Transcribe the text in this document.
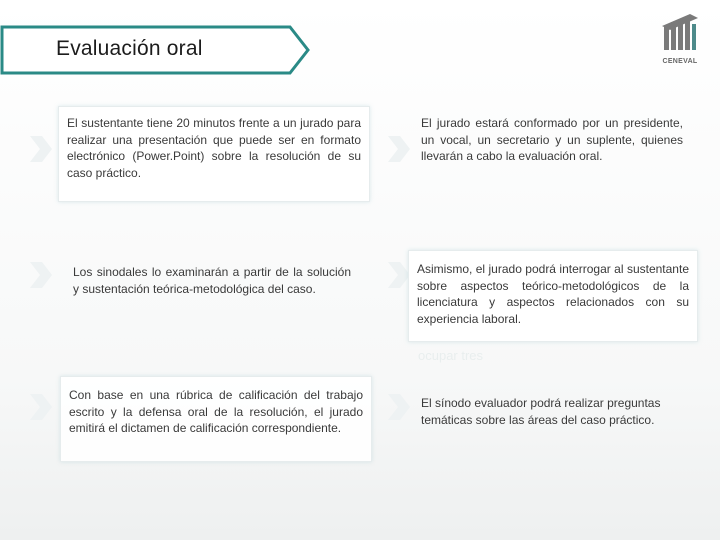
Evaluación oral
CENEVAL

El sustentante tiene 20 minutos frente a un jurado para realizar una presentación que puede ser en formato electrónico (Power.Point) sobre la resolución de su caso práctico.

El jurado estará conformado por un presidente, un vocal, un secretario y un suplente, quienes llevarán a cabo la evaluación oral.

Los sinodales lo examinarán a partir de la solución y sustentación teórica-metodológica del caso.

Asimismo, el jurado podrá interrogar al sustentante sobre aspectos teórico-metodológicos de la licenciatura y aspectos relacionados con su experiencia laboral.

ocupar tres

Con base en una rúbrica de calificación del trabajo escrito y la defensa oral de la resolución, el jurado emitirá el dictamen de calificación correspondiente.

El sínodo evaluador podrá realizar preguntas temáticas sobre las áreas del caso práctico.
